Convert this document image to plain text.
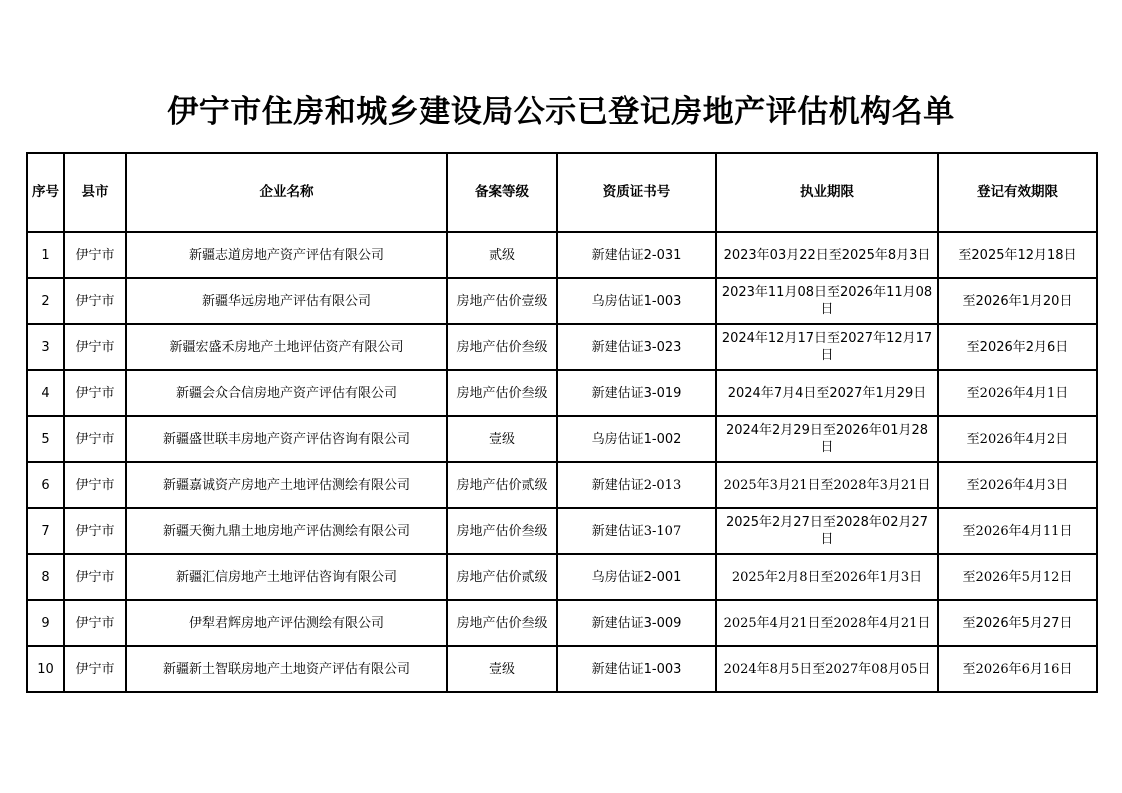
伊宁市住房和城乡建设局公示已登记房地产评估机构名单
序号	县市	企业名称	备案等级	资质证书号	执业期限	登记有效期限
1	伊宁市	新疆志道房地产资产评估有限公司	贰级	新建估证2-031	2023年03月22日至2025年8月3日	至2025年12月18日
2	伊宁市	新疆华远房地产评估有限公司	房地产估价壹级	乌房估证1-003	2023年11月08日至2026年11月08日	至2026年1月20日
3	伊宁市	新疆宏盛禾房地产土地评估资产有限公司	房地产估价叁级	新建估证3-023	2024年12月17日至2027年12月17日	至2026年2月6日
4	伊宁市	新疆会众合信房地产资产评估有限公司	房地产估价叁级	新建估证3-019	2024年7月4日至2027年1月29日	至2026年4月1日
5	伊宁市	新疆盛世联丰房地产资产评估咨询有限公司	壹级	乌房估证1-002	2024年2月29日至2026年01月28日	至2026年4月2日
6	伊宁市	新疆嘉诚资产房地产土地评估测绘有限公司	房地产估价贰级	新建估证2-013	2025年3月21日至2028年3月21日	至2026年4月3日
7	伊宁市	新疆天衡九鼎土地房地产评估测绘有限公司	房地产估价叁级	新建估证3-107	2025年2月27日至2028年02月27日	至2026年4月11日
8	伊宁市	新疆汇信房地产土地评估咨询有限公司	房地产估价贰级	乌房估证2-001	2025年2月8日至2026年1月3日	至2026年5月12日
9	伊宁市	伊犁君辉房地产评估测绘有限公司	房地产估价叁级	新建估证3-009	2025年4月21日至2028年4月21日	至2026年5月27日
10	伊宁市	新疆新土智联房地产土地资产评估有限公司	壹级	新建估证1-003	2024年8月5日至2027年08月05日	至2026年6月16日
